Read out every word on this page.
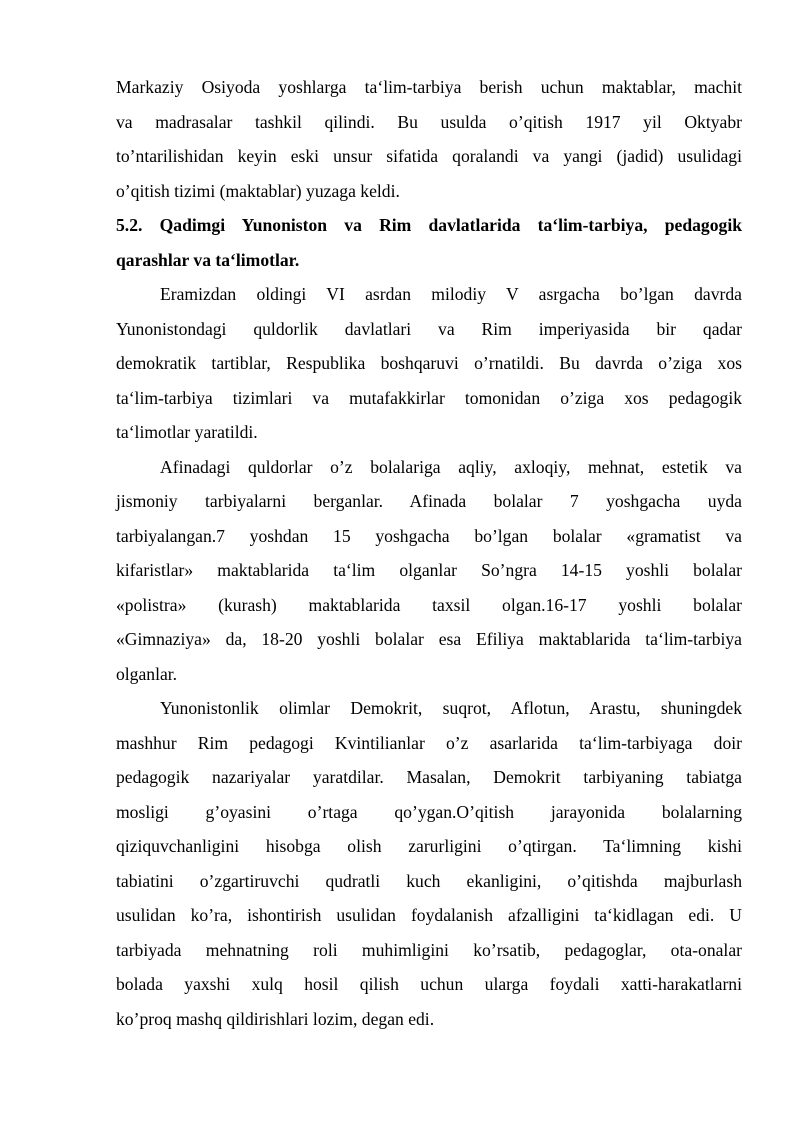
Markaziy Osiyoda yoshlarga ta‘lim-tarbiya berish uchun maktablar, machit
va madrasalar tashkil qilindi. Bu usulda o’qitish 1917 yil Oktyabr
to’ntarilishidan keyin eski unsur sifatida qoralandi va yangi (jadid) usulidagi
o’qitish tizimi (maktablar) yuzaga keldi.
5.2. Qadimgi Yunoniston va Rim davlatlarida ta‘lim-tarbiya, pedagogik
qarashlar va ta‘limotlar.
Eramizdan oldingi VI asrdan milodiy V asrgacha bo’lgan davrda
Yunonistondagi quldorlik davlatlari va Rim imperiyasida bir qadar
demokratik tartiblar, Respublika boshqaruvi o’rnatildi. Bu davrda o’ziga xos
ta‘lim-tarbiya tizimlari va mutafakkirlar tomonidan o’ziga xos pedagogik
ta‘limotlar yaratildi.
Afinadagi quldorlar o’z bolalariga aqliy, axloqiy, mehnat, estetik va
jismoniy tarbiyalarni berganlar. Afinada bolalar 7 yoshgacha uyda
tarbiyalangan.7 yoshdan 15 yoshgacha bo’lgan bolalar «gramatist va
kifaristlar» maktablarida ta‘lim olganlar So’ngra 14-15 yoshli bolalar
«polistra» (kurash) maktablarida taxsil olgan.16-17 yoshli bolalar
«Gimnaziya» da, 18-20 yoshli bolalar esa Efiliya maktablarida ta‘lim-tarbiya
olganlar.
Yunonistonlik olimlar Demokrit, suqrot, Aflotun, Arastu, shuningdek
mashhur Rim pedagogi Kvintilianlar o’z asarlarida ta‘lim-tarbiyaga doir
pedagogik nazariyalar yaratdilar. Masalan, Demokrit tarbiyaning tabiatga
mosligi g’oyasini o’rtaga qo’ygan.O’qitish jarayonida bolalarning
qiziquvchanligini hisobga olish zarurligini o’qtirgan. Ta‘limning kishi
tabiatini o’zgartiruvchi qudratli kuch ekanligini, o’qitishda majburlash
usulidan ko’ra, ishontirish usulidan foydalanish afzalligini ta‘kidlagan edi. U
tarbiyada mehnatning roli muhimligini ko’rsatib, pedagoglar, ota-onalar
bolada yaxshi xulq hosil qilish uchun ularga foydali xatti-harakatlarni
ko’proq mashq qildirishlari lozim, degan edi.
